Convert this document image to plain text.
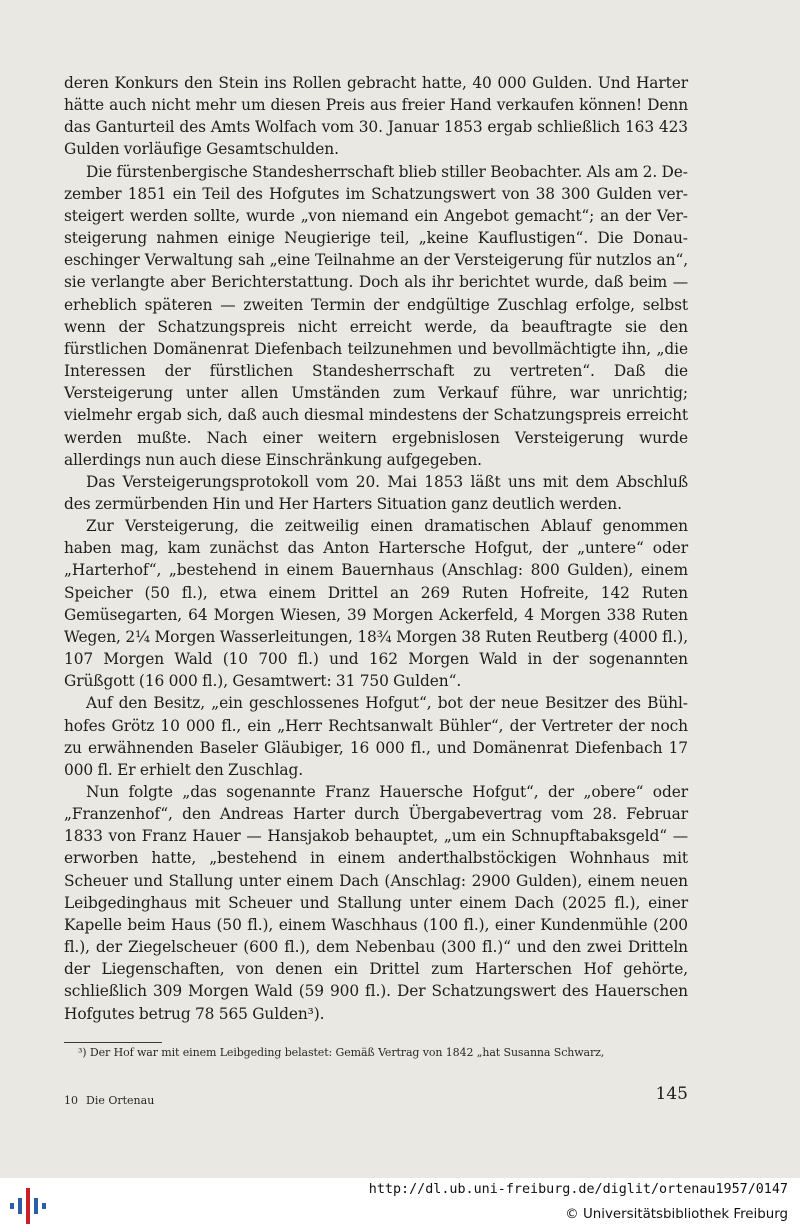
deren Konkurs den Stein ins Rollen gebracht hatte, 40 000 Gulden. Und Harter hätte auch nicht mehr um diesen Preis aus freier Hand verkaufen können! Denn das Ganturteil des Amts Wolfach vom 30. Januar 1853 ergab schließlich 163 423 Gulden vorläufige Gesamtschulden.

Die fürstenbergische Standesherrschaft blieb stiller Beobachter. Als am 2. Dezember 1851 ein Teil des Hofgutes im Schatzungswert von 38 300 Gulden versteigert werden sollte, wurde „von niemand ein Angebot gemacht“; an der Versteigerung nahmen einige Neugierige teil, „keine Kauflustigen“. Die Donaueschinger Verwaltung sah „eine Teilnahme an der Versteigerung für nutzlos an“, sie verlangte aber Berichterstattung. Doch als ihr berichtet wurde, daß beim — erheblich späteren — zweiten Termin der endgültige Zuschlag erfolge, selbst wenn der Schatzungspreis nicht erreicht werde, da beauftragte sie den fürstlichen Domänenrat Diefenbach teilzunehmen und bevollmächtigte ihn, „die Interessen der fürstlichen Standesherrschaft zu vertreten“. Daß die Versteigerung unter allen Umständen zum Verkauf führe, war unrichtig; vielmehr ergab sich, daß auch diesmal mindestens der Schatzungspreis erreicht werden mußte. Nach einer weitern ergebnislosen Versteigerung wurde allerdings nun auch diese Einschränkung aufgegeben.

Das Versteigerungsprotokoll vom 20. Mai 1853 läßt uns mit dem Abschluß des zermürbenden Hin und Her Harters Situation ganz deutlich werden.

Zur Versteigerung, die zeitweilig einen dramatischen Ablauf genommen haben mag, kam zunächst das Anton Hartersche Hofgut, der „untere“ oder „Harterhof“, „bestehend in einem Bauernhaus (Anschlag: 800 Gulden), einem Speicher (50 fl.), etwa einem Drittel an 269 Ruten Hofreite, 142 Ruten Gemüsegarten, 64 Morgen Wiesen, 39 Morgen Ackerfeld, 4 Morgen 338 Ruten Wegen, 2¼ Morgen Wasserleitungen, 18¾ Morgen 38 Ruten Reutberg (4000 fl.), 107 Morgen Wald (10 700 fl.) und 162 Morgen Wald in der sogenannten Grüßgott (16 000 fl.), Gesamtwert: 31 750 Gulden“.

Auf den Besitz, „ein geschlossenes Hofgut“, bot der neue Besitzer des Bühlhofes Grötz 10 000 fl., ein „Herr Rechtsanwalt Bühler“, der Vertreter der noch zu erwähnenden Baseler Gläubiger, 16 000 fl., und Domänenrat Diefenbach 17 000 fl. Er erhielt den Zuschlag.

Nun folgte „das sogenannte Franz Hauersche Hofgut“, der „obere“ oder „Franzenhof“, den Andreas Harter durch Übergabevertrag vom 28. Februar 1833 von Franz Hauer — Hansjakob behauptet, „um ein Schnupftabaksgeld“ — erworben hatte, „bestehend in einem anderthalbstöckigen Wohnhaus mit Scheuer und Stallung unter einem Dach (Anschlag: 2900 Gulden), einem neuen Leibgedinghaus mit Scheuer und Stallung unter einem Dach (2025 fl.), einer Kapelle beim Haus (50 fl.), einem Waschhaus (100 fl.), einer Kundenmühle (200 fl.), der Ziegelscheuer (600 fl.), dem Nebenbau (300 fl.)“ und den zwei Dritteln der Liegenschaften, von denen ein Drittel zum Harterschen Hof gehörte, schließlich 309 Morgen Wald (59 900 fl.). Der Schatzungswert des Hauerschen Hofgutes betrug 78 565 Gulden³).

³) Der Hof war mit einem Leibgeding belastet: Gemäß Vertrag von 1842 „hat Susanna Schwarz,
10 Die Ortenau	145
http://dl.ub.uni-freiburg.de/diglit/ortenau1957/0147
© Universitätsbibliothek Freiburg
